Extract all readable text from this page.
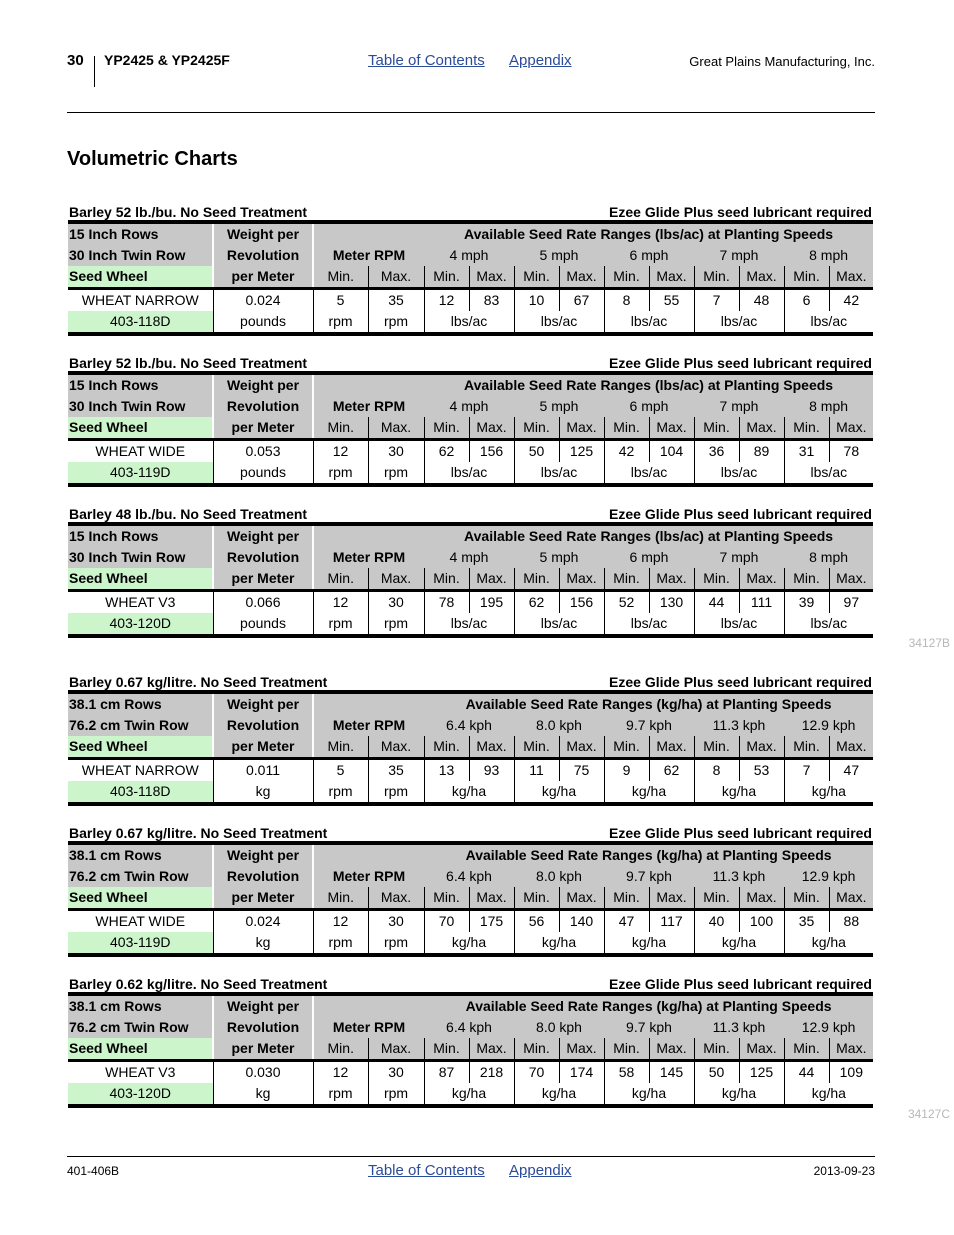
30 YP2425 & YP2425F	Table of Contents Appendix	Great Plains Manufacturing, Inc.
Volumetric Charts
Barley 52 lb./bu. No Seed Treatment	Ezee Glide Plus seed lubricant required
15 Inch Rows	Weight per			Available Seed Rate Ranges (lbs/ac) at Planting Speeds									
30 Inch Twin Row	Revolution	Meter RPM		4 mph		5 mph		6 mph		7 mph		8 mph	
Seed Wheel	per Meter	Min.	Max.	Min.	Max.	Min.	Max.	Min.	Max.	Min.	Max.	Min.	Max.
WHEAT NARROW	0.024	5	35	12	83	10	67	8	55	7	48	6	42
403-118D	pounds	rpm	rpm	lbs/ac		lbs/ac		lbs/ac		lbs/ac		lbs/ac	
Barley 52 lb./bu. No Seed Treatment	Ezee Glide Plus seed lubricant required
15 Inch Rows	Weight per			Available Seed Rate Ranges (lbs/ac) at Planting Speeds									
30 Inch Twin Row	Revolution	Meter RPM		4 mph		5 mph		6 mph		7 mph		8 mph	
Seed Wheel	per Meter	Min.	Max.	Min.	Max.	Min.	Max.	Min.	Max.	Min.	Max.	Min.	Max.
WHEAT WIDE	0.053	12	30	62	156	50	125	42	104	36	89	31	78
403-119D	pounds	rpm	rpm	lbs/ac		lbs/ac		lbs/ac		lbs/ac		lbs/ac	
Barley 48 lb./bu. No Seed Treatment	Ezee Glide Plus seed lubricant required
15 Inch Rows	Weight per			Available Seed Rate Ranges (lbs/ac) at Planting Speeds									
30 Inch Twin Row	Revolution	Meter RPM		4 mph		5 mph		6 mph		7 mph		8 mph	
Seed Wheel	per Meter	Min.	Max.	Min.	Max.	Min.	Max.	Min.	Max.	Min.	Max.	Min.	Max.
WHEAT V3	0.066	12	30	78	195	62	156	52	130	44	111	39	97
403-120D	pounds	rpm	rpm	lbs/ac		lbs/ac		lbs/ac		lbs/ac		lbs/ac	
Barley 0.67 kg/litre. No Seed Treatment	Ezee Glide Plus seed lubricant required
38.1 cm Rows	Weight per			Available Seed Rate Ranges (kg/ha) at Planting Speeds									
76.2 cm Twin Row	Revolution	Meter RPM		6.4 kph		8.0 kph		9.7 kph		11.3 kph		12.9 kph	
Seed Wheel	per Meter	Min.	Max.	Min.	Max.	Min.	Max.	Min.	Max.	Min.	Max.	Min.	Max.
WHEAT NARROW	0.011	5	35	13	93	11	75	9	62	8	53	7	47
403-118D	kg	rpm	rpm	kg/ha		kg/ha		kg/ha		kg/ha		kg/ha	
Barley 0.67 kg/litre. No Seed Treatment	Ezee Glide Plus seed lubricant required
38.1 cm Rows	Weight per			Available Seed Rate Ranges (kg/ha) at Planting Speeds									
76.2 cm Twin Row	Revolution	Meter RPM		6.4 kph		8.0 kph		9.7 kph		11.3 kph		12.9 kph	
Seed Wheel	per Meter	Min.	Max.	Min.	Max.	Min.	Max.	Min.	Max.	Min.	Max.	Min.	Max.
WHEAT WIDE	0.024	12	30	70	175	56	140	47	117	40	100	35	88
403-119D	kg	rpm	rpm	kg/ha		kg/ha		kg/ha		kg/ha		kg/ha	
Barley 0.62 kg/litre. No Seed Treatment	Ezee Glide Plus seed lubricant required
38.1 cm Rows	Weight per			Available Seed Rate Ranges (kg/ha) at Planting Speeds									
76.2 cm Twin Row	Revolution	Meter RPM		6.4 kph		8.0 kph		9.7 kph		11.3 kph		12.9 kph	
Seed Wheel	per Meter	Min.	Max.	Min.	Max.	Min.	Max.	Min.	Max.	Min.	Max.	Min.	Max.
WHEAT V3	0.030	12	30	87	218	70	174	58	145	50	125	44	109
403-120D	kg	rpm	rpm	kg/ha		kg/ha		kg/ha		kg/ha		kg/ha	
34127B
34127C
401-406B	Table of Contents Appendix	2013-09-23
